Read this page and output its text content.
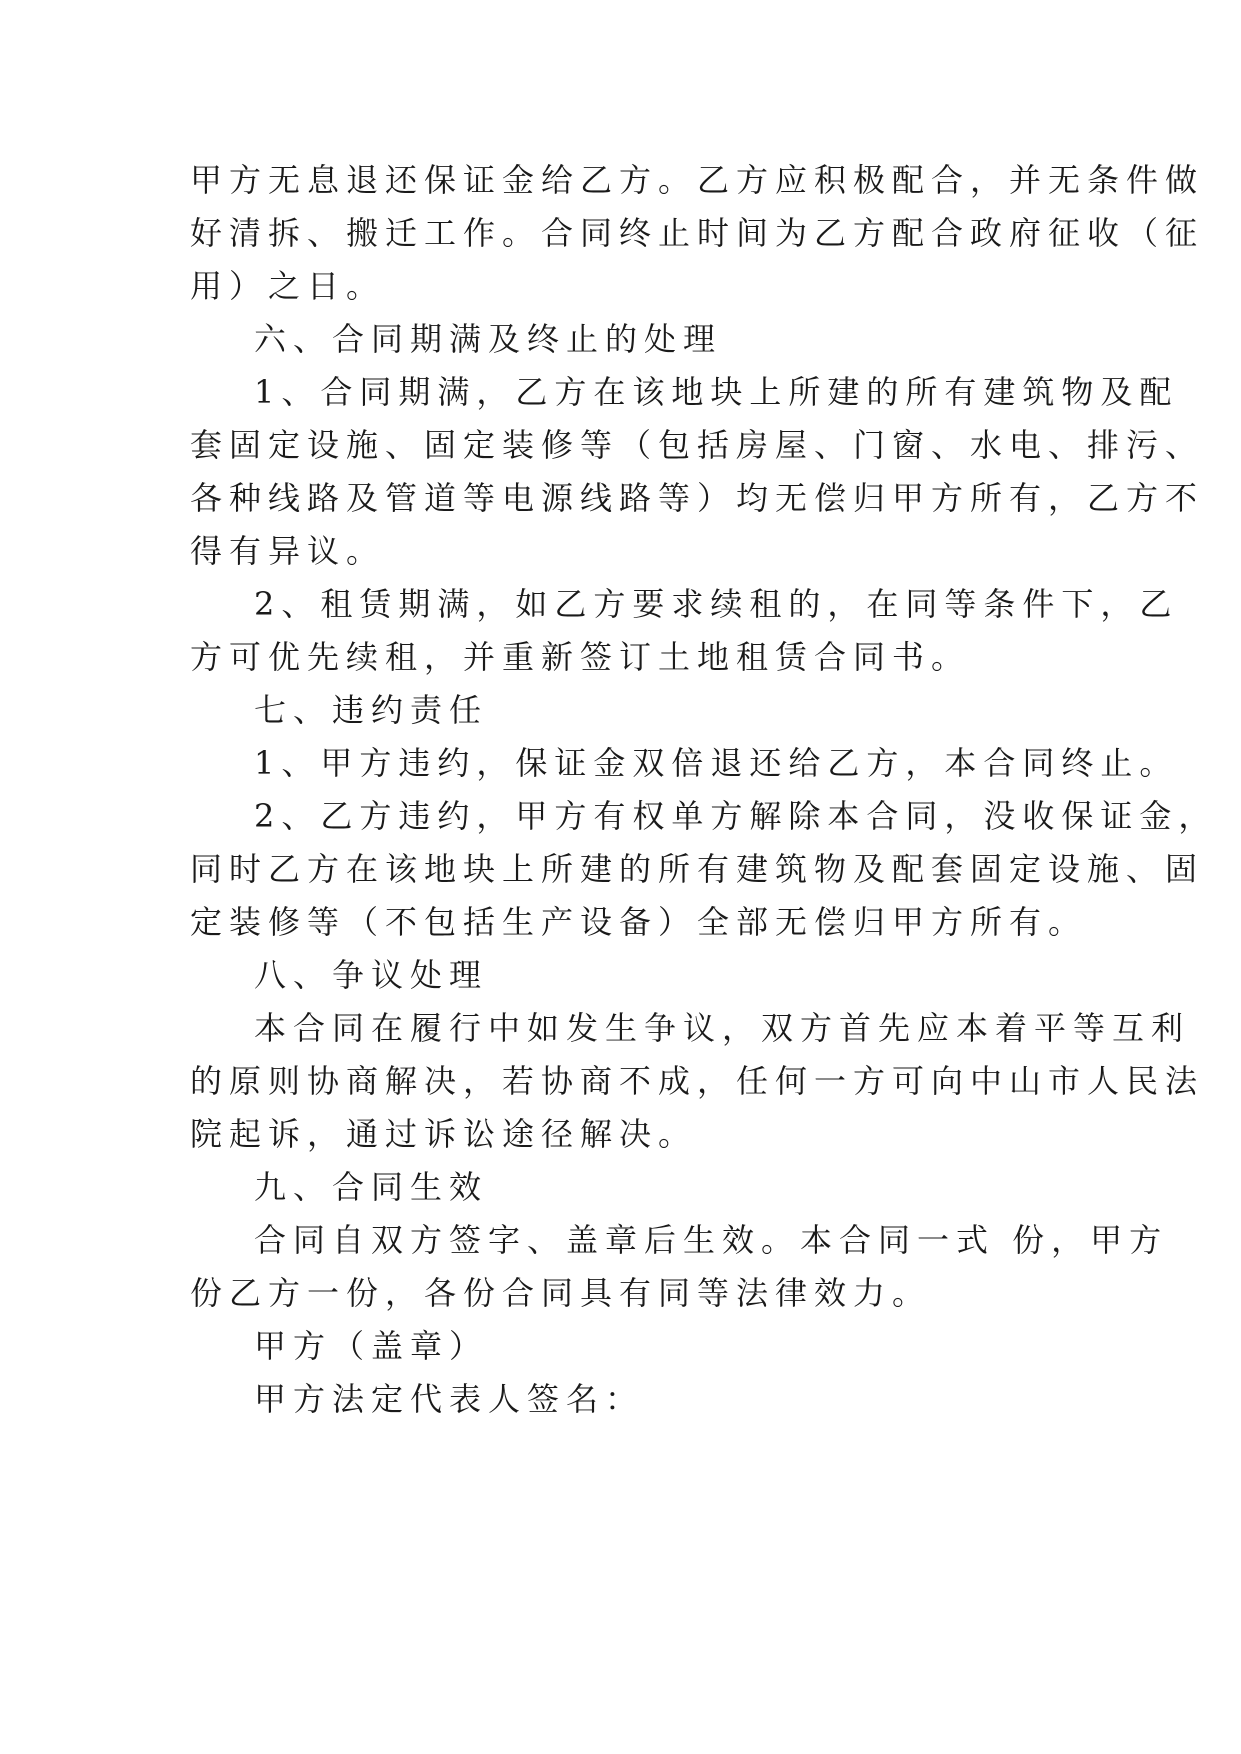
甲方无息退还保证金给乙方。乙方应积极配合，并无条件做
好清拆、搬迁工作。合同终止时间为乙方配合政府征收（征
用）之日。
六、合同期满及终止的处理
1、合同期满，乙方在该地块上所建的所有建筑物及配
套固定设施、固定装修等（包括房屋、门窗、水电、排污、
各种线路及管道等电源线路等）均无偿归甲方所有，乙方不
得有异议。
2、租赁期满，如乙方要求续租的，在同等条件下，乙
方可优先续租，并重新签订土地租赁合同书。
七、违约责任
1、甲方违约，保证金双倍退还给乙方，本合同终止。
2、乙方违约，甲方有权单方解除本合同，没收保证金，
同时乙方在该地块上所建的所有建筑物及配套固定设施、固
定装修等（不包括生产设备）全部无偿归甲方所有。
八、争议处理
本合同在履行中如发生争议，双方首先应本着平等互利
的原则协商解决，若协商不成，任何一方可向中山市人民法
院起诉，通过诉讼途径解决。
九、合同生效
合同自双方签字、盖章后生效。本合同一式 份，甲方
份乙方一份，各份合同具有同等法律效力。
甲方（盖章）
甲方法定代表人签名：
